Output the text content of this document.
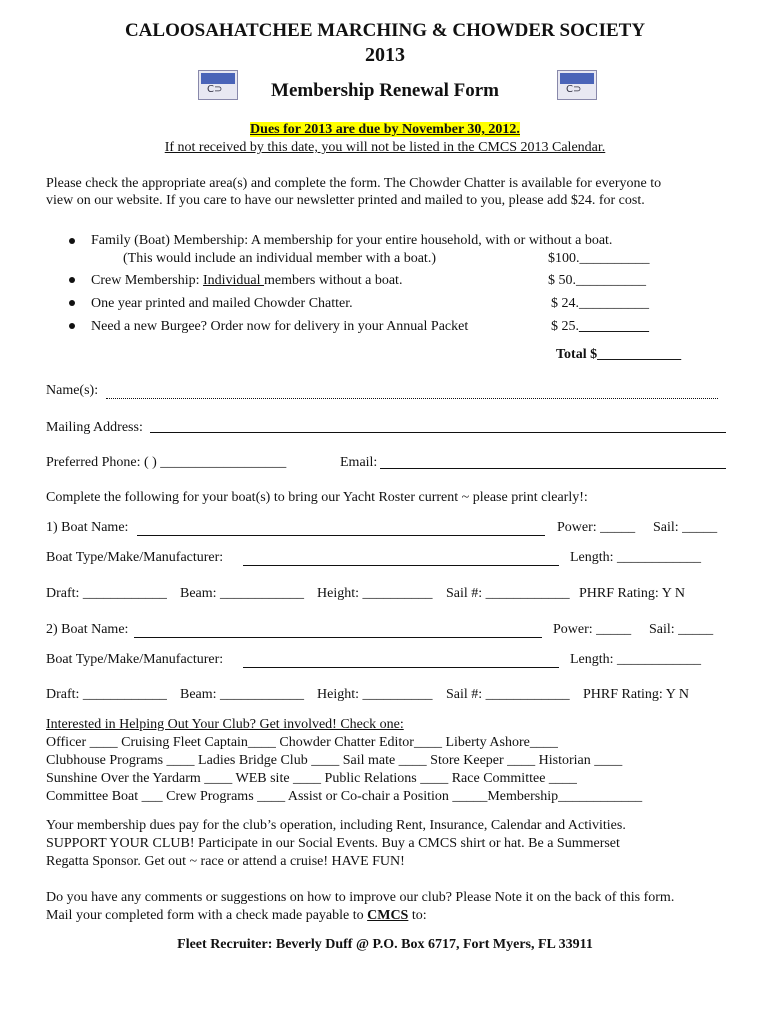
CALOOSAHATCHEE MARCHING & CHOWDER SOCIETY
2013
C⊃	C⊃
Membership Renewal Form
Dues for 2013 are due by November 30, 2012.
If not received by this date, you will not be listed in the CMCS 2013 Calendar.
Please check the appropriate area(s) and complete the form. The Chowder Chatter is available for everyone to
view on our website. If you care to have our newsletter printed and mailed to you, please add $24. for cost.
Family (Boat) Membership: A membership for your entire household, with or without a boat.
(This would include an individual member with a boat.)	$100.__________
Crew Membership: Individual members without a boat.	$ 50.__________
One year printed and mailed Chowder Chatter.	$ 24.__________
Need a new Burgee? Order now for delivery in your Annual Packet	$ 25.__________
Total $____________
Name(s):
Mailing Address:
Preferred Phone: ( ) __________________	Email:
Complete the following for your boat(s) to bring our Yacht Roster current ~ please print clearly!:
1) Boat Name:	Power: _____ Sail: _____
Boat Type/Make/Manufacturer:	Length: ____________
Draft: ____________ Beam: ____________ Height: __________ Sail #: ____________ PHRF Rating: Y N
2) Boat Name:	Power: _____ Sail: _____
Boat Type/Make/Manufacturer:	Length: ____________
Draft: ____________ Beam: ____________ Height: __________ Sail #: ____________ PHRF Rating: Y N
Interested in Helping Out Your Club? Get involved! Check one:
Officer ____ Cruising Fleet Captain____ Chowder Chatter Editor____ Liberty Ashore____
Clubhouse Programs ____ Ladies Bridge Club ____ Sail mate ____ Store Keeper ____ Historian ____
Sunshine Over the Yardarm ____ WEB site ____ Public Relations ____ Race Committee ____
Committee Boat ___ Crew Programs ____ Assist or Co-chair a Position _____Membership____________
Your membership dues pay for the club’s operation, including Rent, Insurance, Calendar and Activities.
SUPPORT YOUR CLUB! Participate in our Social Events. Buy a CMCS shirt or hat. Be a Summerset
Regatta Sponsor. Get out ~ race or attend a cruise! HAVE FUN!
Do you have any comments or suggestions on how to improve our club? Please Note it on the back of this form.
Mail your completed form with a check made payable to CMCS to:
Fleet Recruiter: Beverly Duff @ P.O. Box 6717, Fort Myers, FL 33911
